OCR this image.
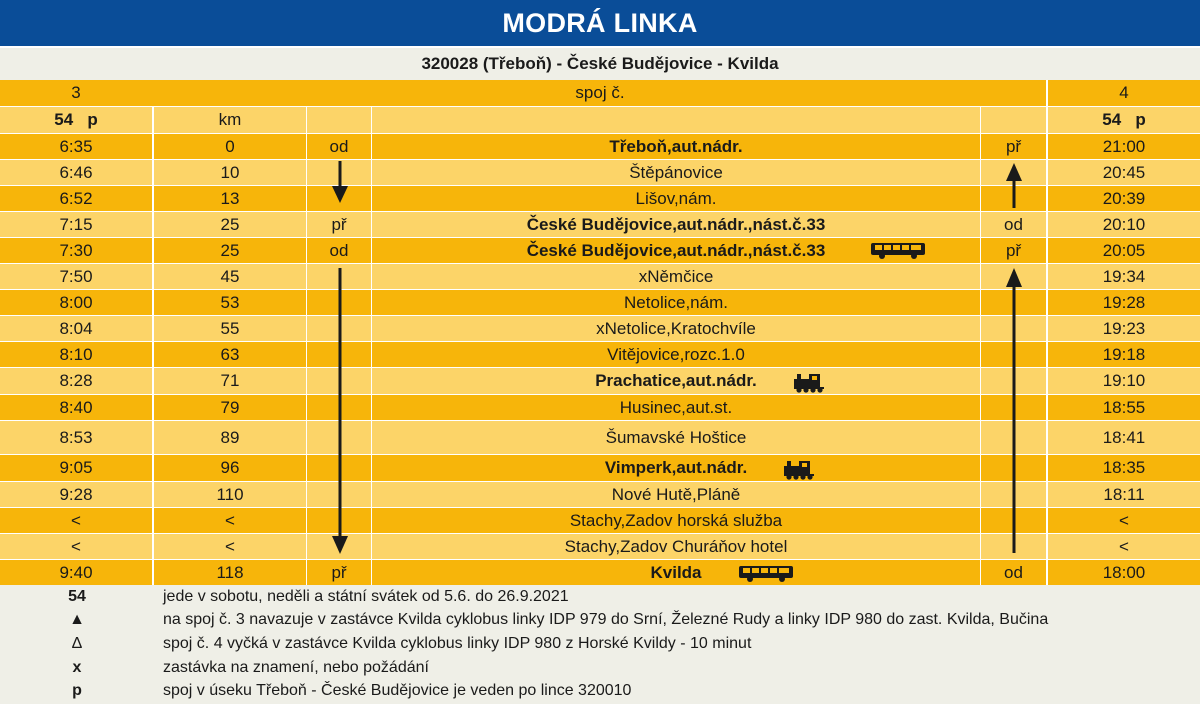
MODRÁ LINKA
320028 (Třeboň) - České Budějovice - Kvilda
3	spoj č.	4
54   p	km	54   p
6:35	0	od	Třeboň,aut.nádr.	př	21:00
6:46	10	Štěpánovice	20:45
6:52	13	Lišov,nám.	20:39
7:15	25	př	České Budějovice,aut.nádr.,nást.č.33	od	20:10
7:30	25	od	České Budějovice,aut.nádr.,nást.č.33	př	20:05
7:50	45	xNěmčice	19:34
8:00	53	Netolice,nám.	19:28
8:04	55	xNetolice,Kratochvíle	19:23
8:10	63	Vitějovice,rozc.1.0	19:18
8:28	71	Prachatice,aut.nádr.	19:10
8:40	79	Husinec,aut.st.	18:55
8:53	89	Šumavské Hoštice	18:41
9:05	96	Vimperk,aut.nádr.	18:35
9:28	110	Nové Hutě,Pláně	18:11
<	<	Stachy,Zadov horská služba	<
<	<	Stachy,Zadov Churáňov hotel	<
9:40	118	př	Kvilda	od	18:00
54	jede v sobotu, neděli a státní svátek od 5.6. do 26.9.2021
▲	na spoj č. 3 navazuje v zastávce Kvilda cyklobus linky IDP 979 do Srní, Železné Rudy a linky IDP 980 do zast. Kvilda, Bučina
Δ	spoj č. 4 vyčká v zastávce Kvilda cyklobus linky IDP 980 z Horské Kvildy - 10 minut
x	zastávka na znamení, nebo požádání
p	spoj v úseku Třeboň - České Budějovice je veden po lince 320010
